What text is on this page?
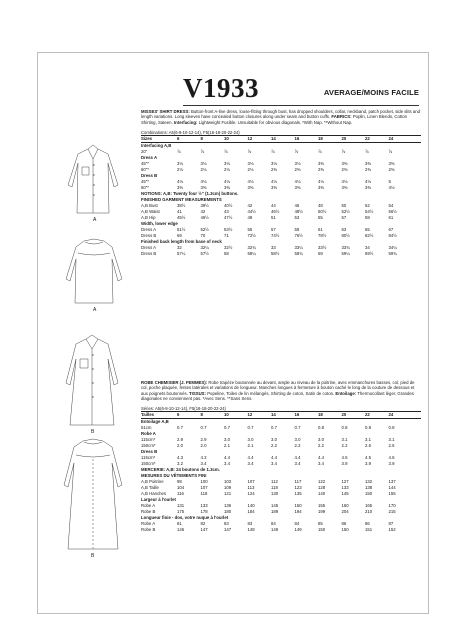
V1933	AVERAGE/MOINS FACILE
A
A
B
B
MISSES' SHIRT DRESS: Button-front A-line dress, loose-fitting through bust, has dropped shoulders, collar, neckband, patch pocket, side slits and length variations. Long sleeves have concealed button closures along under seam and button cuffs. FABRICS: Poplin, Linen Blends, Cotton Shirting, Sateen. Interfacing: Lightweight Fusible. Unsuitable for obvious diagonals. *With Nap. **Without Nap.
Combinations: A5(6-8-10-12-14), F5(16-18-20-22-24)
Sizes	6	8	10	12	14	16	18	20	22	24
Interfacing A,B
20"	⅞	⅞	⅞	⅞	⅞	⅞	⅞	⅞	⅞	⅞
Dress A
45"*	3⅛	3⅛	3⅛	3⅛	3⅛	3⅛	3⅜	3⅜	3⅜	3⅜
60"*	2⅛	2⅛	2⅛	2⅛	2⅜	2⅜	2⅜	2⅜	2⅜	2⅜
Dress B
45"*	4⅛	4⅛	4⅛	4⅛	4⅛	4⅛	4⅛	4⅛	4⅛	5
60"*	3⅜	3⅜	3⅜	3⅜	3⅜	3⅜	3⅜	3⅜	3⅜	4⅛
NOTIONS: A,B: Twenty four ½" (1.3cm) buttons.
FINISHED GARMENT MEASUREMENTS
A,B Bust	38½	39½	40½	42	44	46	48	50	52	54
A,B Waist	41	42	43	44½	46½	48½	50½	52½	54½	56½
A,B Hip	45½	46½	47½	49	51	53	55	57	59	61
Width, lower edge
Dress A	51½	52½	53½	55	57	59	61	63	65	67
Dress B	69	70	71	72½	74½	76½	78½	80½	82½	84½
Finished back length from base of neck
Dress A	32	32¼	32½	32¾	33	33¼	33½	33¾	34	34¼
Dress B	57¼	57½	58	58¼	58½	58¾	59	59¼	59½	59¾
ROBE CHEMISIER (J. FEMMES): Robe trapèze boutonnée au devant, ample au niveau de la poitrine, avec emmanchures basses, col, pied de col, poche plaquée, fentes latérales et variations de longueur. Manches longues à fermeture à bouton caché le long de la couture de dessous et aux poignets boutonnés. TISSUS: Popeline, Toiles de lin mélangés, Shirting de coton, Satin de coton. Entoilage: Thermocollant léger. Grandes diagonales ne conviennent pas. *Avec Sens. **Sans Sens.
Séries: A5(6-8-10-12-14), F5(16-18-20-22-24)
Tailles	6	8	10	12	14	16	18	20	22	24
Entoilage A,B
51cm	0.7	0.7	0.7	0.7	0.7	0.7	0.8	0.8	0.8	0.8
Robe A
115cm*	2.9	2.9	3.0	3.0	3.0	3.0	3.0	3.1	3.1	3.1
150cm*	2.0	2.0	2.1	2.1	2.2	2.2	2.2	2.2	2.6	2.6
Dress B
115cm*	4.3	4.3	4.4	4.4	4.4	4.4	4.4	4.5	4.5	4.6
150cm*	3.2	3.4	3.4	3.4	3.4	3.4	3.4	3.9	3.9	3.9
MERCERIE: A,B: 24 boutons de 1.3cm.
MESURES DU VÊTEMENTS FINI
A,B Poitrine	98	100	103	107	112	117	122	127	132	137
A,B Taille	104	107	109	113	118	123	128	133	138	144
A,B Hanches	116	118	121	124	130	135	140	145	150	155
Largeur à l'ourlet
Robe A	131	133	136	140	145	150	155	160	165	170
Robe B	175	178	180	184	189	194	199	204	210	215
Longueur finie - dos, votre nuque à l'ourlet
Robe A	81	82	83	83	84	84	85	86	86	87
Robe B	146	147	147	148	149	149	150	150	151	152
